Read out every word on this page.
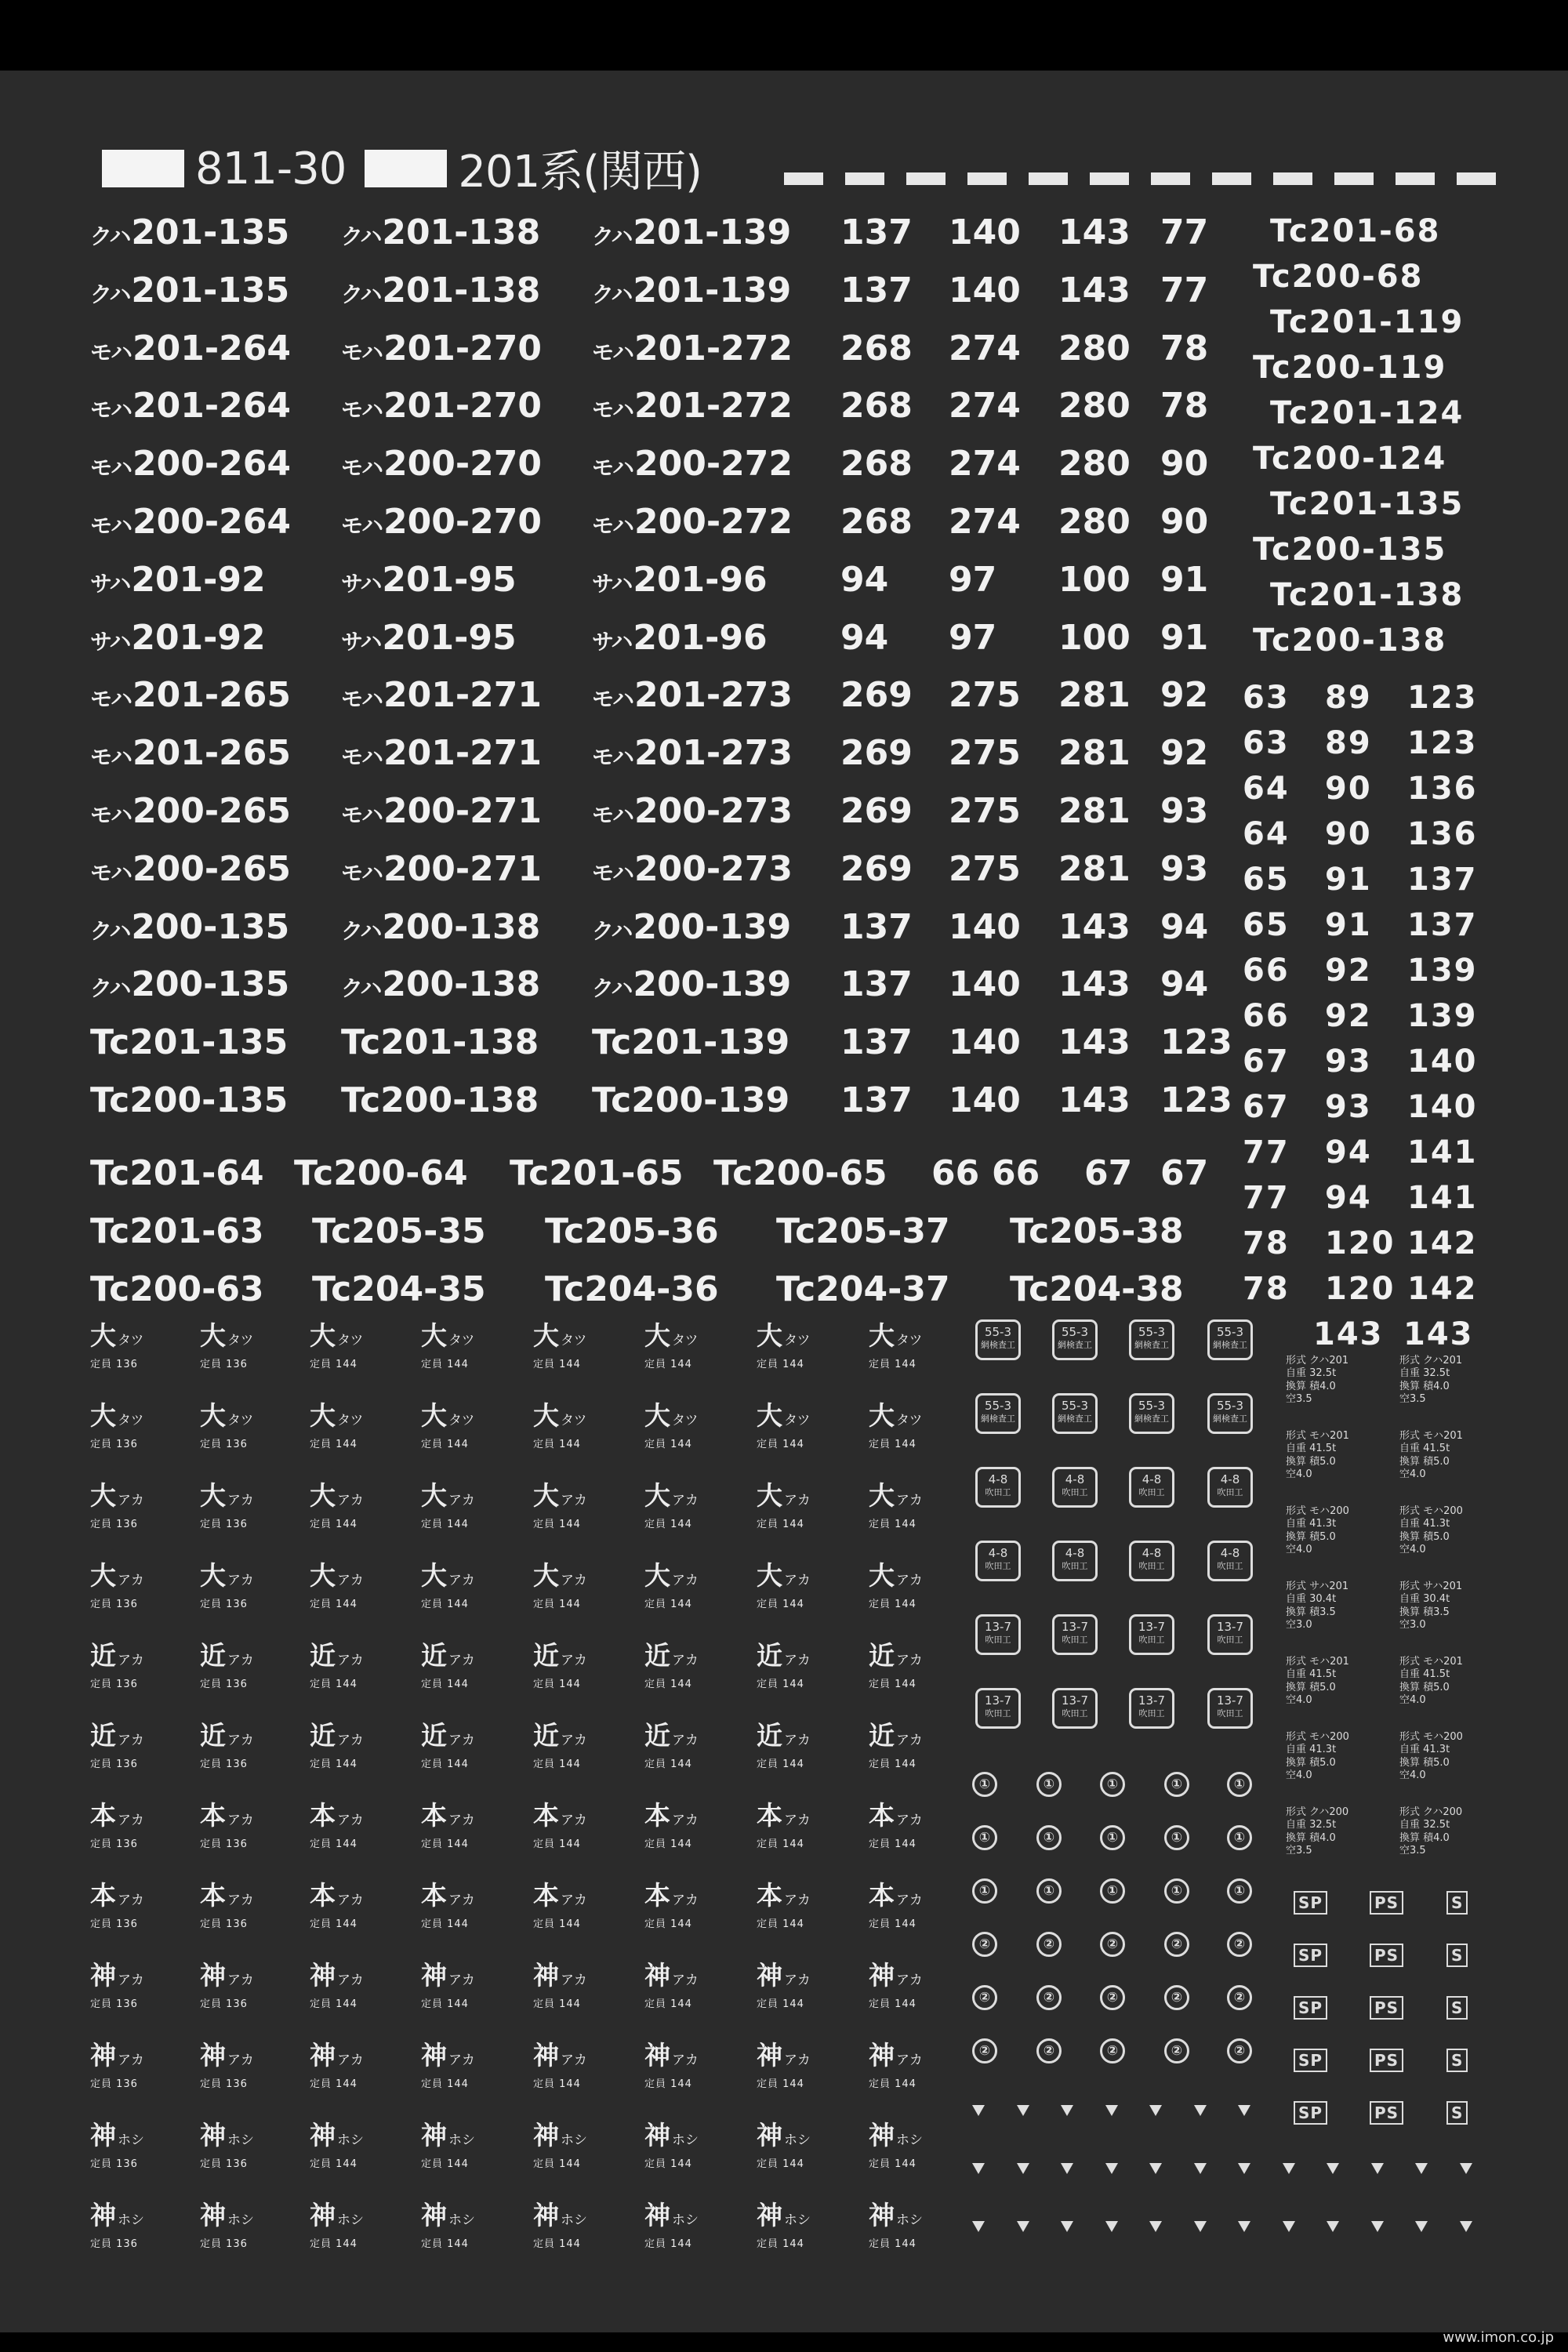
811-30	201系(関西)
クハ201-135 クハ201-138 クハ201-139 137 140 143 77
クハ201-135 クハ201-138 クハ201-139 137 140 143 77
モハ201-264 モハ201-270 モハ201-272 268 274 280 78
モハ201-264 モハ201-270 モハ201-272 268 274 280 78
モハ200-264 モハ200-270 モハ200-272 268 274 280 90
モハ200-264 モハ200-270 モハ200-272 268 274 280 90
サハ201-92	サハ201-95	サハ201-96 94 97 100 91
サハ201-92	サハ201-95	サハ201-96 94 97 100 91
モハ201-265 モハ201-271 モハ201-273 269 275 281 92
モハ201-265 モハ201-271 モハ201-273 269 275 281 92
モハ200-265 モハ200-271 モハ200-273 269 275 281 93
モハ200-265 モハ200-271 モハ200-273 269 275 281 93
クハ200-135 クハ200-138 クハ200-139 137 140 143 94
クハ200-135 クハ200-138 クハ200-139 137 140 143 94
Tc201-135 Tc201-138 Tc201-139 137 140 143 123
Tc200-135 Tc200-138 Tc200-139 137 140 143 123
Tc201-64 Tc200-64 Tc201-65 Tc200-65 66 66 67 67
Tc201-63 Tc205-35 Tc205-36 Tc205-37 Tc205-38
Tc200-63 Tc204-35 Tc204-36 Tc204-37 Tc204-38
Tc201-68
Tc200-68
Tc201-119
Tc200-119
Tc201-124
Tc200-124
Tc201-135
Tc200-135
Tc201-138
Tc200-138
63 89 123
63 89 123
64 90 136
64 90 136
65 91 137
65 91 137
66 92 139
66 92 139
67 93 140
67 93 140
77 94 141
77 94 141
78 120 142
78 120 142
143 143
大タツ
定員 136
大タツ
定員 136
大タツ
定員 144
大タツ
定員 144
大タツ
定員 144
大タツ
定員 144
大タツ
定員 144
大タツ
定員 144
大タツ
定員 136
大タツ
定員 136
大タツ
定員 144
大タツ
定員 144
大タツ
定員 144
大タツ
定員 144
大タツ
定員 144
大タツ
定員 144
大アカ
定員 136
大アカ
定員 136
大アカ
定員 144
大アカ
定員 144
大アカ
定員 144
大アカ
定員 144
大アカ
定員 144
大アカ
定員 144
大アカ
定員 136
大アカ
定員 136
大アカ
定員 144
大アカ
定員 144
大アカ
定員 144
大アカ
定員 144
大アカ
定員 144
大アカ
定員 144
近アカ
定員 136
近アカ
定員 136
近アカ
定員 144
近アカ
定員 144
近アカ
定員 144
近アカ
定員 144
近アカ
定員 144
近アカ
定員 144
近アカ
定員 136
近アカ
定員 136
近アカ
定員 144
近アカ
定員 144
近アカ
定員 144
近アカ
定員 144
近アカ
定員 144
近アカ
定員 144
本アカ
定員 136
本アカ
定員 136
本アカ
定員 144
本アカ
定員 144
本アカ
定員 144
本アカ
定員 144
本アカ
定員 144
本アカ
定員 144
本アカ
定員 136
本アカ
定員 136
本アカ
定員 144
本アカ
定員 144
本アカ
定員 144
本アカ
定員 144
本アカ
定員 144
本アカ
定員 144
神アカ
定員 136
神アカ
定員 136
神アカ
定員 144
神アカ
定員 144
神アカ
定員 144
神アカ
定員 144
神アカ
定員 144
神アカ
定員 144
神アカ
定員 136
神アカ
定員 136
神アカ
定員 144
神アカ
定員 144
神アカ
定員 144
神アカ
定員 144
神アカ
定員 144
神アカ
定員 144
神ホシ
定員 136
神ホシ
定員 136
神ホシ
定員 144
神ホシ
定員 144
神ホシ
定員 144
神ホシ
定員 144
神ホシ
定員 144
神ホシ
定員 144
神ホシ
定員 136
神ホシ
定員 136
神ホシ
定員 144
神ホシ
定員 144
神ホシ
定員 144
神ホシ
定員 144
神ホシ
定員 144
神ホシ
定員 144
55-3
網検査工
55-3
網検査工
55-3
網検査工
55-3
網検査工
55-3
網検査工
55-3
網検査工
55-3
網検査工
55-3
網検査工
4-8
吹田工
4-8
吹田工
4-8
吹田工
4-8
吹田工
4-8
吹田工
4-8
吹田工
4-8
吹田工
4-8
吹田工
13-7
吹田工
13-7
吹田工
13-7
吹田工
13-7
吹田工
13-7
吹田工
13-7
吹田工
13-7
吹田工
13-7
吹田工
①	①	①	①	①
①	①	①	①	①
①	①	①	①	①
②	②	②	②	②
②	②	②	②	②
②	②	②	②	②
形式 クハ201
自重 32.5t
換算 積4.0
空3.5
形式 クハ201
自重 32.5t
換算 積4.0
空3.5
形式 モハ201
自重 41.5t
換算 積5.0
空4.0
形式 モハ201
自重 41.5t
換算 積5.0
空4.0
形式 モハ200
自重 41.3t
換算 積5.0
空4.0
形式 モハ200
自重 41.3t
換算 積5.0
空4.0
形式 サハ201
自重 30.4t
換算 積3.5
空3.0
形式 サハ201
自重 30.4t
換算 積3.5
空3.0
形式 モハ201
自重 41.5t
換算 積5.0
空4.0
形式 モハ201
自重 41.5t
換算 積5.0
空4.0
形式 モハ200
自重 41.3t
換算 積5.0
空4.0
形式 モハ200
自重 41.3t
換算 積5.0
空4.0
形式 クハ200
自重 32.5t
換算 積4.0
空3.5
形式 クハ200
自重 32.5t
換算 積4.0
空3.5
SP	PS	S
SP	PS	S
SP	PS	S
SP	PS	S
SP	PS	S
www.imon.co.jp
